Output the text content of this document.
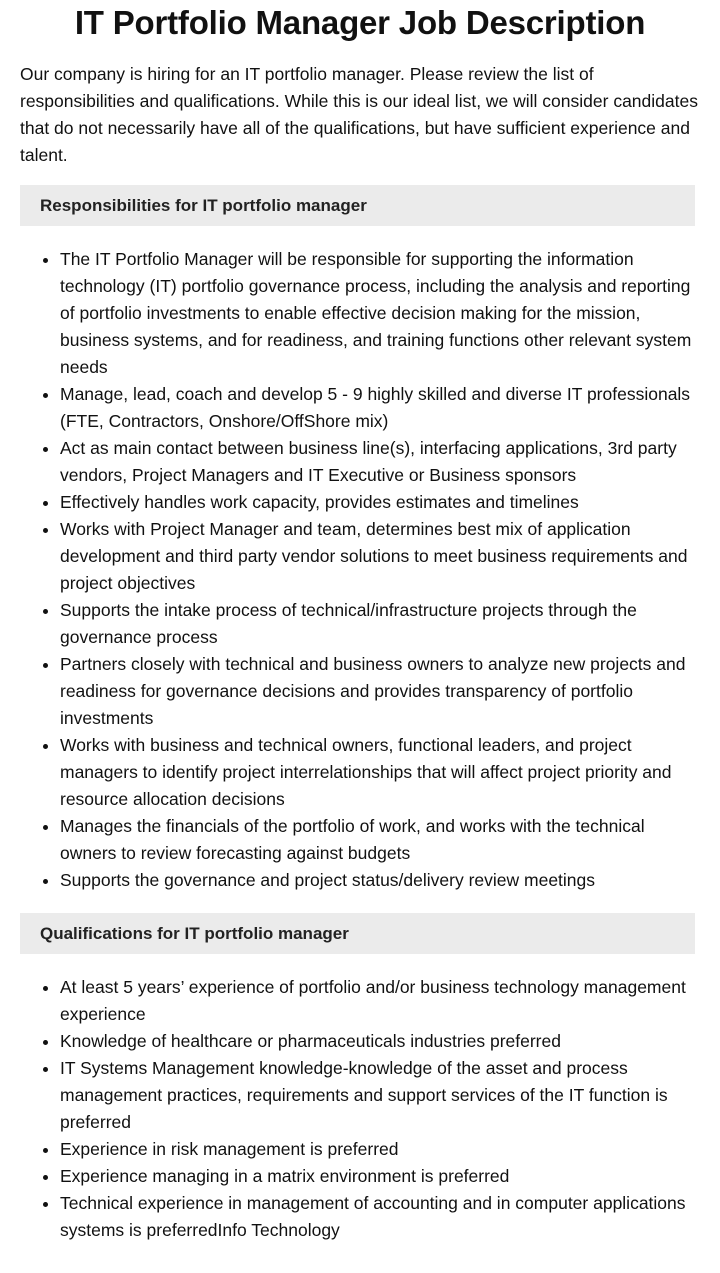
IT Portfolio Manager Job Description

Our company is hiring for an IT portfolio manager. Please review the list of responsibilities and qualifications. While this is our ideal list, we will consider candidates that do not necessarily have all of the qualifications, but have sufficient experience and talent.

Responsibilities for IT portfolio manager
• The IT Portfolio Manager will be responsible for supporting the information technology (IT) portfolio governance process, including the analysis and reporting of portfolio investments to enable effective decision making for the mission, business systems, and for readiness, and training functions other relevant system needs
• Manage, lead, coach and develop 5 - 9 highly skilled and diverse IT professionals (FTE, Contractors, Onshore/OffShore mix)
• Act as main contact between business line(s), interfacing applications, 3rd party vendors, Project Managers and IT Executive or Business sponsors
• Effectively handles work capacity, provides estimates and timelines
• Works with Project Manager and team, determines best mix of application development and third party vendor solutions to meet business requirements and project objectives
• Supports the intake process of technical/infrastructure projects through the governance process
• Partners closely with technical and business owners to analyze new projects and readiness for governance decisions and provides transparency of portfolio investments
• Works with business and technical owners, functional leaders, and project managers to identify project interrelationships that will affect project priority and resource allocation decisions
• Manages the financials of the portfolio of work, and works with the technical owners to review forecasting against budgets
• Supports the governance and project status/delivery review meetings
Qualifications for IT portfolio manager
• At least 5 years’ experience of portfolio and/or business technology management experience
• Knowledge of healthcare or pharmaceuticals industries preferred
• IT Systems Management knowledge-knowledge of the asset and process management practices, requirements and support services of the IT function is preferred
• Experience in risk management is preferred
• Experience managing in a matrix environment is preferred
• Technical experience in management of accounting and in computer applications systems is preferredInfo Technology
